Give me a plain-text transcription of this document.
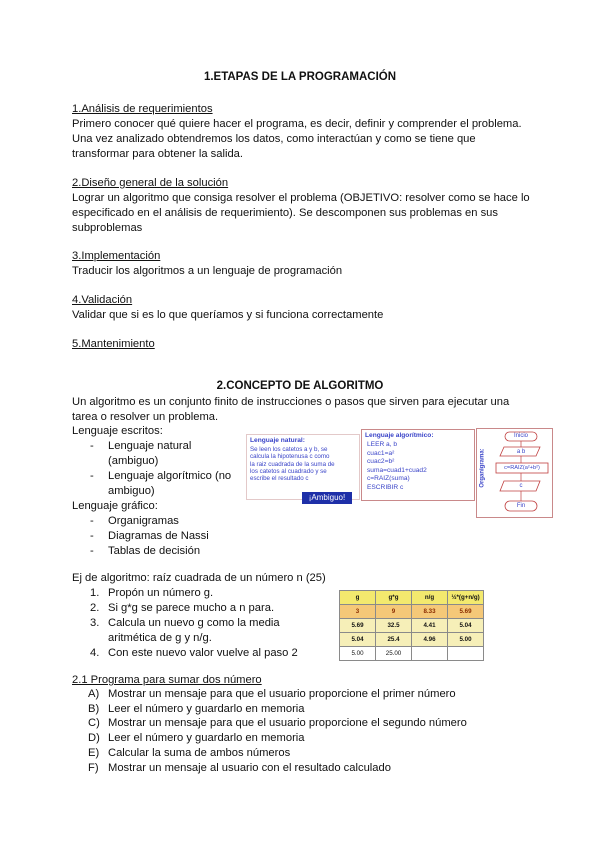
1.ETAPAS DE LA PROGRAMACIÓN
1.Análisis de requerimientos
Primero conocer qué quiere hacer el programa, es decir, definir y comprender el problema.
Una vez analizado obtendremos los datos, como interactúan y como se tiene que
transformar para obtener la salida.
2.Diseño general de la solución
Lograr un algoritmo que consiga resolver el problema (OBJETIVO: resolver como se hace lo
especificado en el análisis de requerimiento). Se descomponen sus problemas en sus
subproblemas
3.Implementación
Traducir los algoritmos a un lenguaje de programación
4.Validación
Validar que si es lo que queríamos y si funciona correctamente
5.Mantenimiento
2.CONCEPTO DE ALGORITMO
Un algoritmo es un conjunto finito de instrucciones o pasos que sirven para ejecutar una
tarea o resolver un problema.
Lenguaje escritos:
- Lenguaje natural
(ambiguo)
- Lenguaje algorítmico (no
ambiguo)
Lenguaje gráfico:
- Organigramas
- Diagramas de Nassi
- Tablas de decisión
Lenguaje natural:
Se leen los catetos a y b, se
calcula la hipotenusa c como
la raiz cuadrada de la suma de
los catetos al cuadrado y se
escribe el resultado c
¡Ambiguo!
Lenguaje algorítmico:
LEER a, b
cuac1=a²
cuac2=b²
suma=cuad1+cuad2
c=RAIZ(suma)
ESCRIBIR c	Organigrama:
Inicio
a b
c=RAIZ(a²+b²)
c
Fin
Ej de algoritmo: raíz cuadrada de un número n (25)
1. Propón un número g.
2. Si g*g se parece mucho a n para.
3. Calcula un nuevo g como la media
aritmética de g y n/g.
4. Con este nuevo valor vuelve al paso 2
g	g*g	n/g	½*(g+n/g)
3	9	8.33	5.69
5.69	32.5	4.41	5.04
5.04	25.4	4.96	5.00
5.00	25.00		
2.1 Programa para sumar dos número
A) Mostrar un mensaje para que el usuario proporcione el primer número
B) Leer el número y guardarlo en memoria
C) Mostrar un mensaje para que el usuario proporcione el segundo número
D) Leer el número y guardarlo en memoria
E) Calcular la suma de ambos números
F) Mostrar un mensaje al usuario con el resultado calculado
